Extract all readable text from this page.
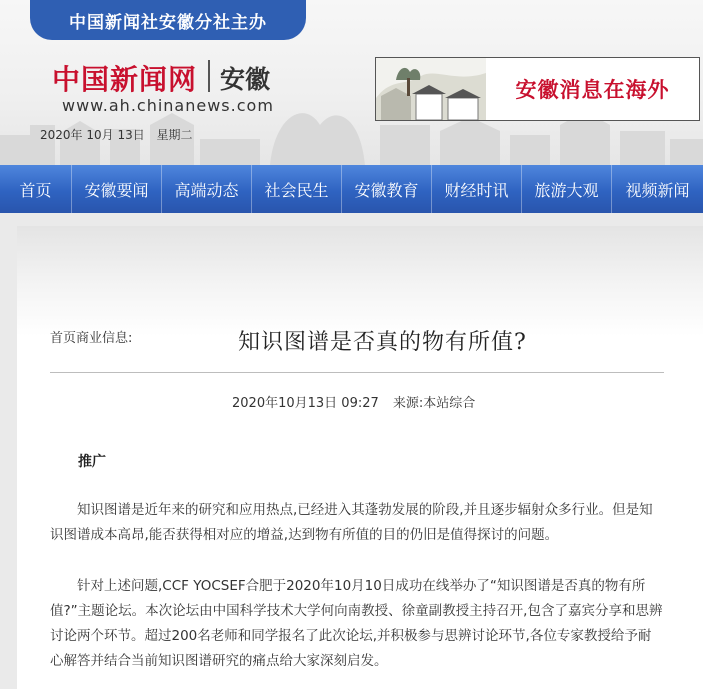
中国新闻社安徽分社主办
中国新闻网 安徽
www.ah.chinanews.com
2020年 10月 13日 星期二
安徽消息在海外
首页	安徽要闻	高端动态	社会民生	安徽教育	财经时讯	旅游大观	视频新闻
首页商业信息:	知识图谱是否真的物有所值?
2020年10月13日 09:27 来源:本站综合
推广

知识图谱是近年来的研究和应用热点,已经进入其蓬勃发展的阶段,并且逐步辐射众多行业。但是知识图谱成本高昂,能否获得相对应的增益,达到物有所值的目的仍旧是值得探讨的问题。

针对上述问题,CCF YOCSEF合肥于2020年10月10日成功在线举办了“知识图谱是否真的物有所值?”主题论坛。本次论坛由中国科学技术大学何向南教授、徐童副教授主持召开,包含了嘉宾分享和思辨讨论两个环节。超过200名老师和同学报名了此次论坛,并积极参与思辨讨论环节,各位专家教授给予耐心解答并结合当前知识图谱研究的痛点给大家深刻启发。
